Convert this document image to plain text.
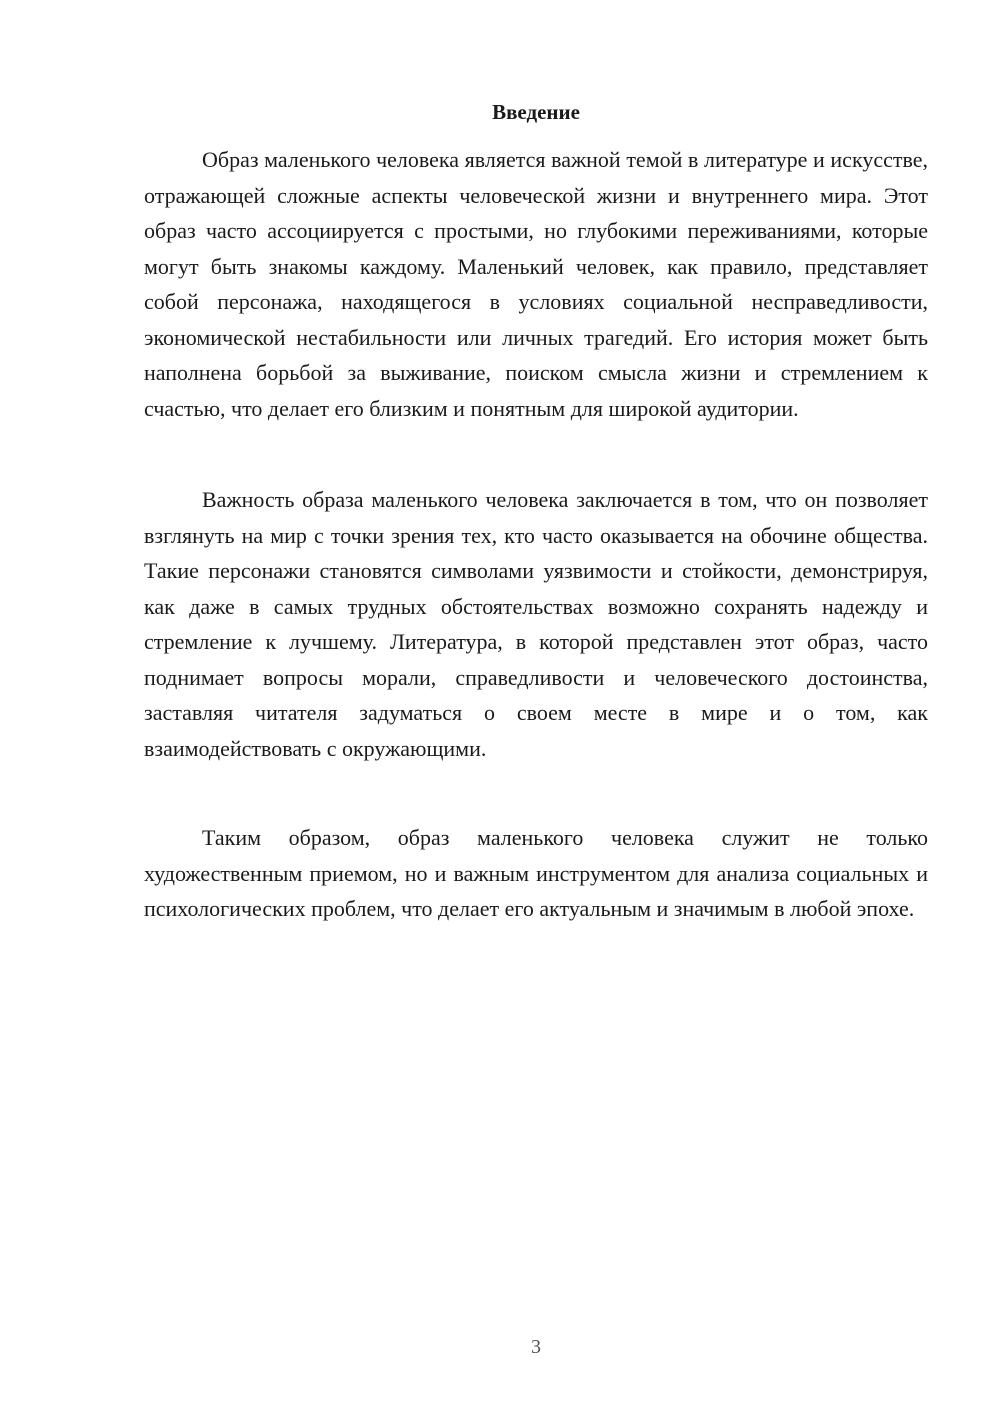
Введение

Образ маленького человека является важной темой в литературе и искусстве, отражающей сложные аспекты человеческой жизни и внутреннего мира. Этот образ часто ассоциируется с простыми, но глубокими переживаниями, которые могут быть знакомы каждому. Маленький человек, как правило, представляет собой персонажа, находящегося в условиях социальной несправедливости, экономической нестабильности или личных трагедий. Его история может быть наполнена борьбой за выживание, поиском смысла жизни и стремлением к счастью, что делает его близким и понятным для широкой аудитории.

Важность образа маленького человека заключается в том, что он позволяет взглянуть на мир с точки зрения тех, кто часто оказывается на обочине общества. Такие персонажи становятся символами уязвимости и стойкости, демонстрируя, как даже в самых трудных обстоятельствах возможно сохранять надежду и стремление к лучшему. Литература, в которой представлен этот образ, часто поднимает вопросы морали, справедливости и человеческого достоинства, заставляя читателя задуматься о своем месте в мире и о том, как взаимодействовать с окружающими.

Таким образом, образ маленького человека служит не только художественным приемом, но и важным инструментом для анализа социальных и психологических проблем, что делает его актуальным и значимым в любой эпохе.

3
